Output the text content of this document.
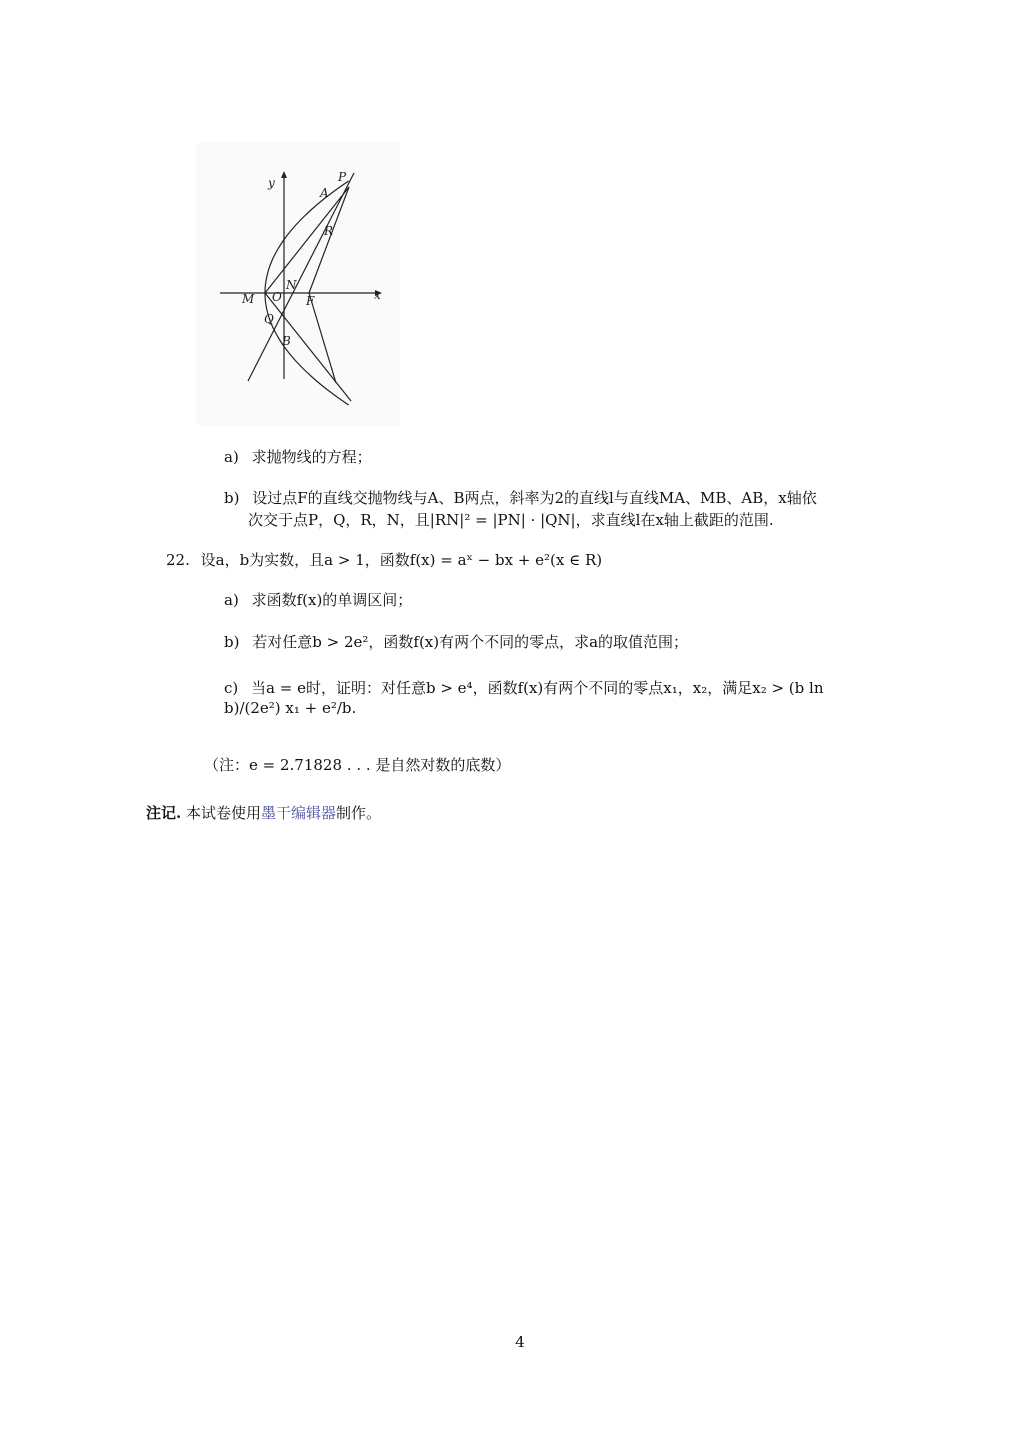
y
x
P
A
R
M O
N
F
Q
B
a) 求抛物线的方程；
b) 设过点F的直线交抛物线与A、B两点，斜率为2的直线l与直线MA、MB、AB，x轴依
次交于点P，Q，R，N，且|RN|² = |PN| · |QN|，求直线l在x轴上截距的范围.
22. 设a，b为实数，且a > 1，函数f(x) = aˣ − bx + e²(x ∈ R)
a) 求函数f(x)的单调区间；
b) 若对任意b > 2e²，函数f(x)有两个不同的零点，求a的取值范围；
c) 当a = e时，证明：对任意b > e⁴，函数f(x)有两个不同的零点x₁，x₂，满足x₂ > (b ln b)/(2e²) x₁ + e²/b.
（注：e = 2.71828 . . . 是自然对数的底数）
注记. 本试卷使用墨干编辑器制作。
4
